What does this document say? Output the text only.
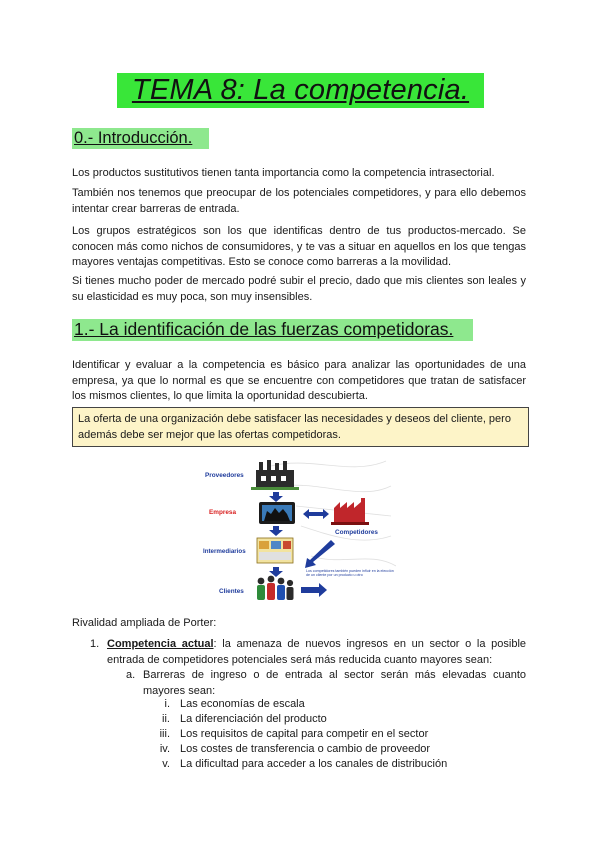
TEMA 8: La competencia.
0.- Introducción.

Los productos sustitutivos tienen tanta importancia como la competencia intrasectorial.

También nos tenemos que preocupar de los potenciales competidores, y para ello debemos intentar crear barreras de entrada.

Los grupos estratégicos son los que identificas dentro de tus productos-mercado. Se conocen más como nichos de consumidores, y te vas a situar en aquellos en los que tengas mayores ventajas competitivas. Esto se conoce como barreras a la movilidad.

Si tienes mucho poder de mercado podré subir el precio, dado que mis clientes son leales y su elasticidad es muy poca, son muy insensibles.

1.- La identificación de las fuerzas competidoras.

Identificar y evaluar a la competencia es básico para analizar las oportunidades de una empresa, ya que lo normal es que se encuentre con competidores que tratan de satisfacer los mismos clientes, lo que limita la oportunidad descubierta.

La oferta de una organización debe satisfacer las necesidades y deseos del cliente, pero además debe ser mejor que las ofertas competidoras.
Proveedores
Empresa
Intermediarios
Clientes
Competidores
Los competidores también pueden influir en la elección de un cliente por un producto u otro
Rivalidad ampliada de Porter:
1. Competencia actual: la amenaza de nuevos ingresos en un sector o la posible entrada de competidores potenciales será más reducida cuanto mayores sean:
a. Barreras de ingreso o de entrada al sector serán más elevadas cuanto mayores sean:
i. Las economías de escala
ii. La diferenciación del producto
iii. Los requisitos de capital para competir en el sector
iv. Los costes de transferencia o cambio de proveedor
v. La dificultad para acceder a los canales de distribución
